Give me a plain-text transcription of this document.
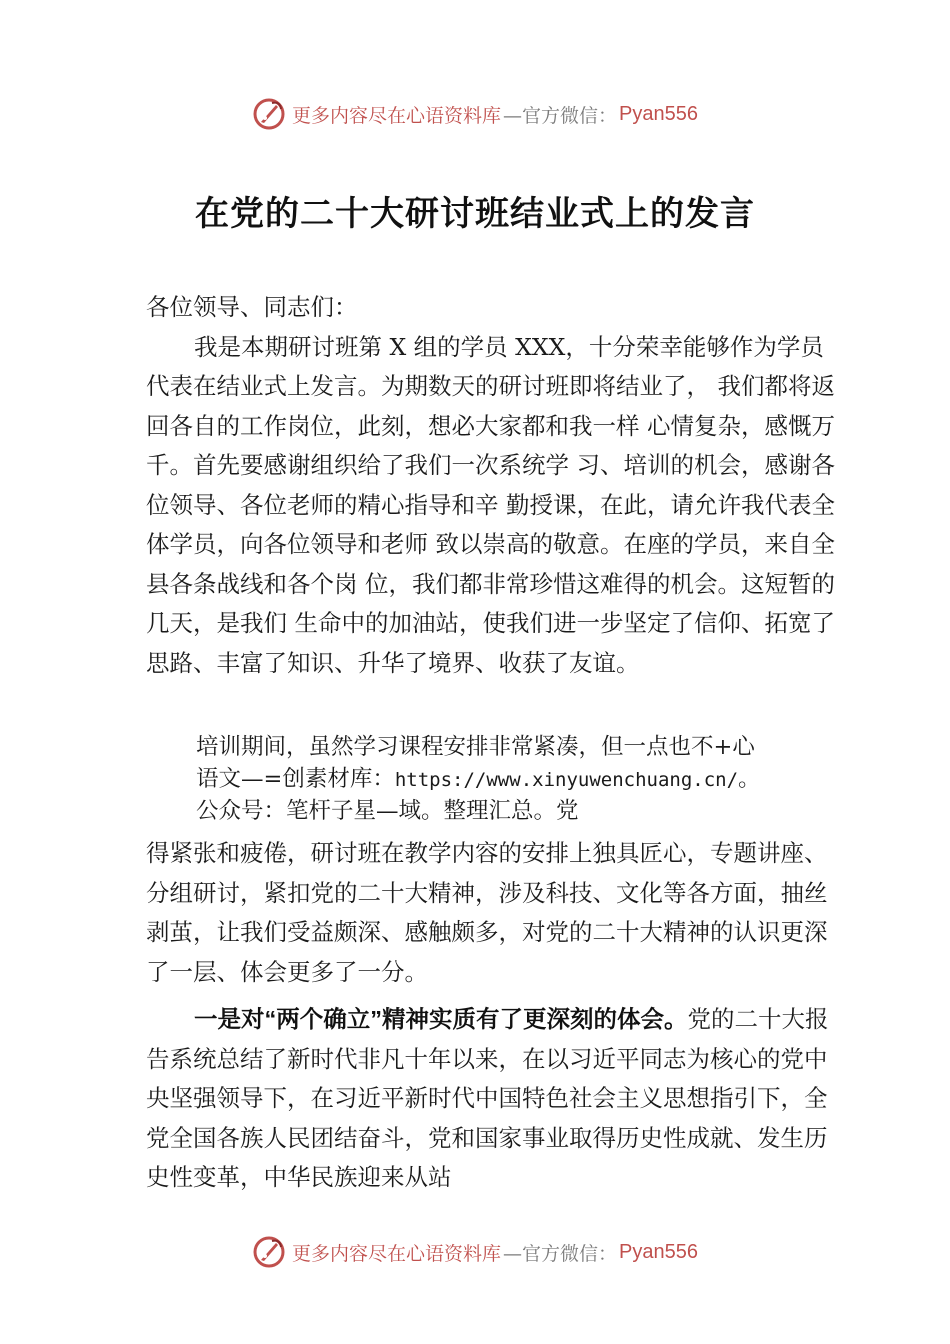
更多内容尽在心语资料库 —官方微信： Pyan556
在党的二十大研讨班结业式上的发言

各位领导、同志们：

我是本期研讨班第 X 组的学员 XXX，十分荣幸能够作为学员代表在结业式上发言。为期数天的研讨班即将结业了， 我们都将返回各自的工作岗位，此刻，想必大家都和我一样 心情复杂，感慨万千。首先要感谢组织给了我们一次系统学 习、培训的机会，感谢各位领导、各位老师的精心指导和辛 勤授课，在此，请允许我代表全体学员，向各位领导和老师 致以崇高的敬意。在座的学员，来自全县各条战线和各个岗 位，我们都非常珍惜这难得的机会。这短暂的几天，是我们 生命中的加油站，使我们进一步坚定了信仰、拓宽了思路、丰富了知识、升华了境界、收获了友谊。

培训期间，虽然学习课程安排非常紧凑，但一点也不+心

语文—=创素材库：https://www.xinyuwenchuang.cn/。

公众号：笔杆子星—域。整理汇总。党

得紧张和疲倦，研讨班在教学内容的安排上独具匠心，专题讲座、分组研讨，紧扣党的二十大精神，涉及科技、文化等各方面，抽丝剥茧，让我们受益颇深、感触颇多，对党的二十大精神的认识更深了一层、体会更多了一分。

一是对“两个确立”精神实质有了更深刻的体会。党的二十大报告系统总结了新时代非凡十年以来，在以习近平同志为核心的党中央坚强领导下，在习近平新时代中国特色社会主义思想指引下，全党全国各族人民团结奋斗，党和国家事业取得历史性成就、发生历史性变革，中华民族迎来从站

更多内容尽在心语资料库 —官方微信： Pyan556
